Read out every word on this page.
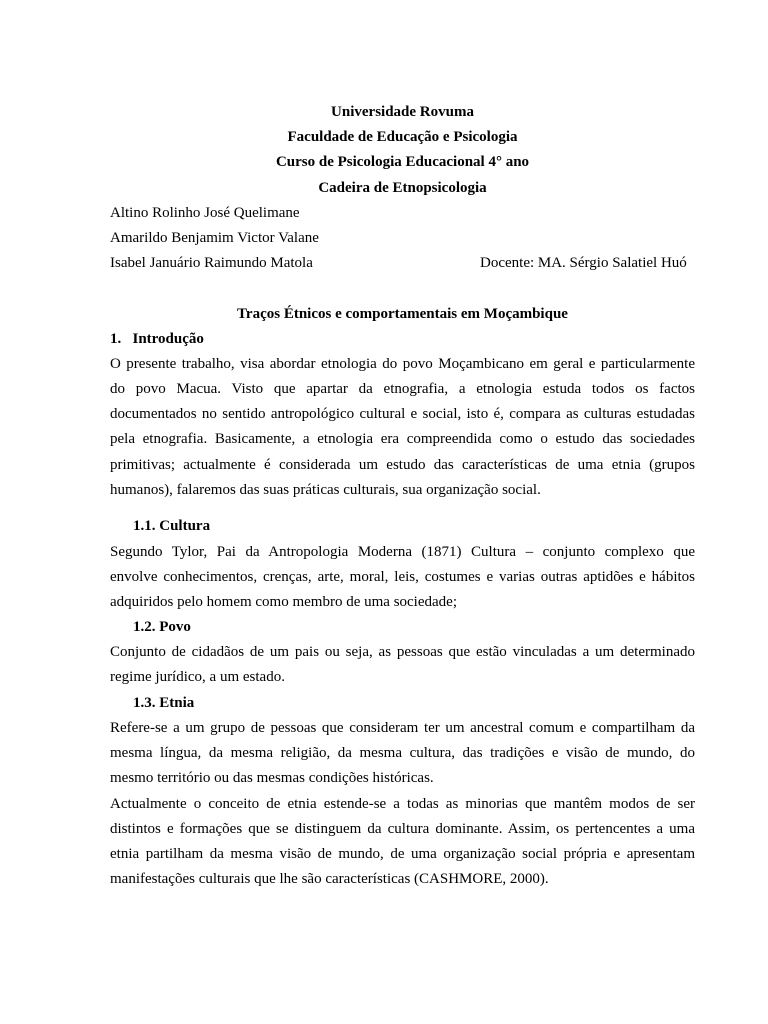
Universidade Rovuma
Faculdade de Educação e Psicologia
Curso de Psicologia Educacional 4° ano
Cadeira de Etnopsicologia
Altino Rolinho José Quelimane
Amarildo Benjamim Victor Valane
Isabel Januário Raimundo Matola	Docente: MA. Sérgio Salatiel Huó
Traços Étnicos e comportamentais em Moçambique
1.   Introdução
O presente trabalho, visa abordar etnologia do povo Moçambicano em geral e particularmente
do povo Macua. Visto que apartar da etnografia, a etnologia estuda todos os factos
documentados no sentido antropológico cultural e social, isto é, compara as culturas estudadas
pela etnografia. Basicamente, a etnologia era compreendida como o estudo das sociedades
primitivas; actualmente é considerada um estudo das características de uma etnia (grupos
humanos), falaremos das suas práticas culturais, sua organização social.
1.1. Cultura
Segundo Tylor, Pai da Antropologia Moderna (1871) Cultura – conjunto complexo que
envolve conhecimentos, crenças, arte, moral, leis, costumes e varias outras aptidões e hábitos
adquiridos pelo homem como membro de uma sociedade;
1.2. Povo
Conjunto de cidadãos de um pais ou seja, as pessoas que estão vinculadas a um determinado
regime jurídico, a um estado.
1.3. Etnia
Refere-se a um grupo de pessoas que consideram ter um ancestral comum e compartilham da
mesma língua, da mesma religião, da mesma cultura, das tradições e visão de mundo, do
mesmo território ou das mesmas condições históricas.
Actualmente o conceito de etnia estende-se a todas as minorias que mantêm modos de ser
distintos e formações que se distinguem da cultura dominante. Assim, os pertencentes a uma
etnia partilham da mesma visão de mundo, de uma organização social própria e apresentam
manifestações culturais que lhe são características (CASHMORE, 2000).
